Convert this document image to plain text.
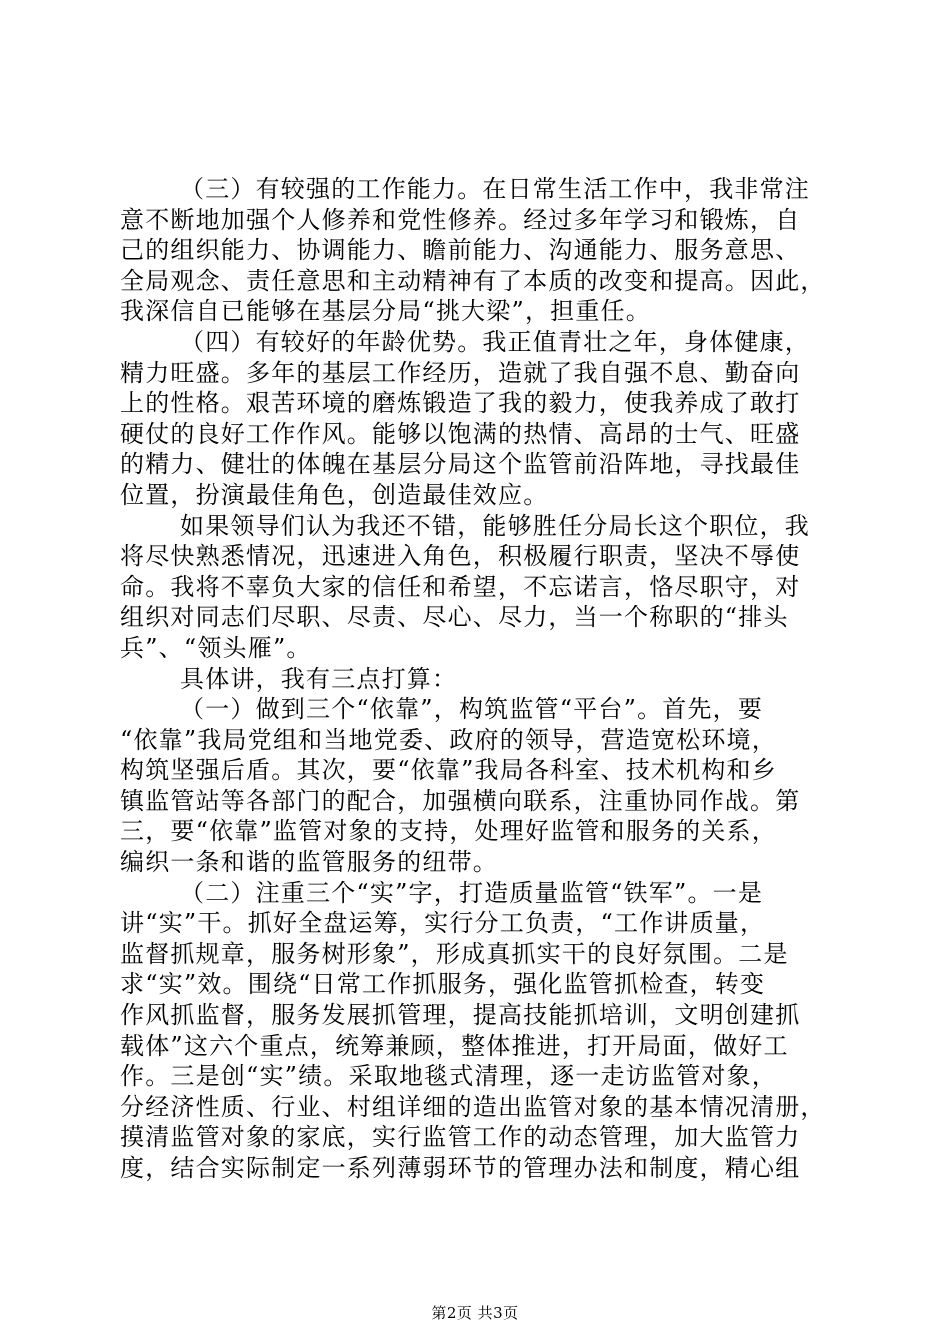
（三）有较强的工作能力。在日常生活工作中，我非常注
意不断地加强个人修养和党性修养。经过多年学习和锻炼，自
己的组织能力、协调能力、瞻前能力、沟通能力、服务意思、
全局观念、责任意思和主动精神有了本质的改变和提高。因此，
我深信自已能够在基层分局“挑大梁”，担重任。
（四）有较好的年龄优势。我正值青壮之年，身体健康，
精力旺盛。多年的基层工作经历，造就了我自强不息、勤奋向
上的性格。艰苦环境的磨炼锻造了我的毅力，使我养成了敢打
硬仗的良好工作作风。能够以饱满的热情、高昂的士气、旺盛
的精力、健壮的体魄在基层分局这个监管前沿阵地，寻找最佳
位置，扮演最佳角色，创造最佳效应。
如果领导们认为我还不错，能够胜任分局长这个职位，我
将尽快熟悉情况，迅速进入角色，积极履行职责，坚决不辱使
命。我将不辜负大家的信任和希望，不忘诺言，恪尽职守，对
组织对同志们尽职、尽责、尽心、尽力，当一个称职的“排头
兵”、“领头雁”。
具体讲，我有三点打算：
（一）做到三个“依靠”，构筑监管“平台”。首先，要
“依靠”我局党组和当地党委、政府的领导，营造宽松环境，
构筑坚强后盾。其次，要“依靠”我局各科室、技术机构和乡
镇监管站等各部门的配合，加强横向联系，注重协同作战。第
三，要“依靠”监管对象的支持，处理好监管和服务的关系，
编织一条和谐的监管服务的纽带。
（二）注重三个“实”字，打造质量监管“铁军”。一是
讲“实”干。抓好全盘运筹，实行分工负责，“工作讲质量，
监督抓规章，服务树形象”，形成真抓实干的良好氛围。二是
求“实”效。围绕“日常工作抓服务，强化监管抓检查，转变
作风抓监督，服务发展抓管理，提高技能抓培训，文明创建抓
载体”这六个重点，统筹兼顾，整体推进，打开局面，做好工
作。三是创“实”绩。采取地毯式清理，逐一走访监管对象，
分经济性质、行业、村组详细的造出监管对象的基本情况清册，
摸清监管对象的家底，实行监管工作的动态管理，加大监管力
度，结合实际制定一系列薄弱环节的管理办法和制度，精心组
第2页 共3页
